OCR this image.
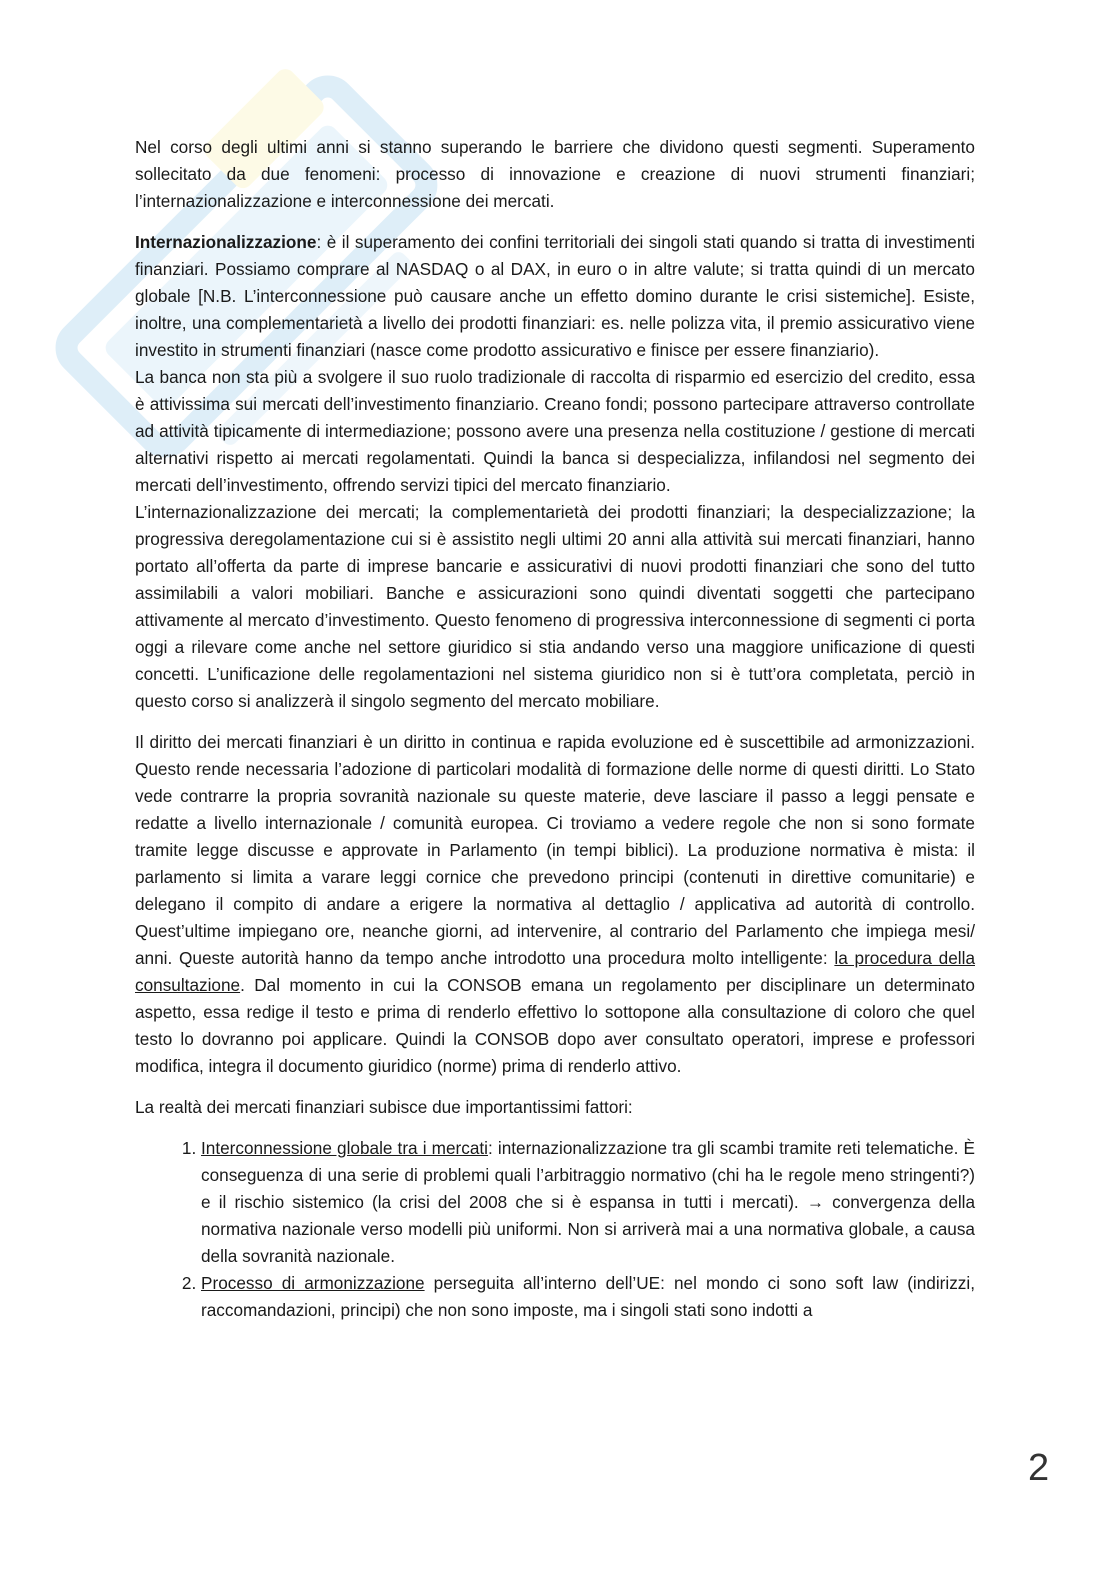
Nel corso degli ultimi anni si stanno superando le barriere che dividono questi segmenti. Superamento sollecitato da due fenomeni: processo di innovazione e creazione di nuovi strumenti finanziari; l’internazionalizzazione e interconnessione dei mercati.

Internazionalizzazione: è il superamento dei confini territoriali dei singoli stati quando si tratta di investimenti finanziari. Possiamo comprare al NASDAQ o al DAX, in euro o in altre valute; si tratta quindi di un mercato globale [N.B. L’interconnessione può causare anche un effetto domino durante le crisi sistemiche]. Esiste, inoltre, una complementarietà a livello dei prodotti finanziari: es. nelle polizza vita, il premio assicurativo viene investito in strumenti finanziari (nasce come prodotto assicurativo e finisce per essere finanziario).

La banca non sta più a svolgere il suo ruolo tradizionale di raccolta di risparmio ed esercizio del credito, essa è attivissima sui mercati dell’investimento finanziario. Creano fondi; possono partecipare attraverso controllate ad attività tipicamente di intermediazione; possono avere una presenza nella costituzione / gestione di mercati alternativi rispetto ai mercati regolamentati. Quindi la banca si despecializza, infilandosi nel segmento dei mercati dell’investimento, offrendo servizi tipici del mercato finanziario.

L’internazionalizzazione dei mercati; la complementarietà dei prodotti finanziari; la despecializzazione; la progressiva deregolamentazione cui si è assistito negli ultimi 20 anni alla attività sui mercati finanziari, hanno portato all’offerta da parte di imprese bancarie e assicurativi di nuovi prodotti finanziari che sono del tutto assimilabili a valori mobiliari. Banche e assicurazioni sono quindi diventati soggetti che partecipano attivamente al mercato d’investimento. Questo fenomeno di progressiva interconnessione di segmenti ci porta oggi a rilevare come anche nel settore giuridico si stia andando verso una maggiore unificazione di questi concetti. L’unificazione delle regolamentazioni nel sistema giuridico non si è tutt’ora completata, perciò in questo corso si analizzerà il singolo segmento del mercato mobiliare.

Il diritto dei mercati finanziari è un diritto in continua e rapida evoluzione ed è suscettibile ad armonizzazioni. Questo rende necessaria l’adozione di particolari modalità di formazione delle norme di questi diritti. Lo Stato vede contrarre la propria sovranità nazionale su queste materie, deve lasciare il passo a leggi pensate e redatte a livello internazionale / comunità europea. Ci troviamo a vedere regole che non si sono formate tramite legge discusse e approvate in Parlamento (in tempi biblici). La produzione normativa è mista: il parlamento si limita a varare leggi cornice che prevedono principi (contenuti in direttive comunitarie) e delegano il compito di andare a erigere la normativa al dettaglio / applicativa ad autorità di controllo. Quest’ultime impiegano ore, neanche giorni, ad intervenire, al contrario del Parlamento che impiega mesi/ anni. Queste autorità hanno da tempo anche introdotto una procedura molto intelligente: la procedura della consultazione. Dal momento in cui la CONSOB emana un regolamento per disciplinare un determinato aspetto, essa redige il testo e prima di renderlo effettivo lo sottopone alla consultazione di coloro che quel testo lo dovranno poi applicare. Quindi la CONSOB dopo aver consultato operatori, imprese e professori modifica, integra il documento giuridico (norme) prima di renderlo attivo.

La realtà dei mercati finanziari subisce due importantissimi fattori:

1. Interconnessione globale tra i mercati: internazionalizzazione tra gli scambi tramite reti telematiche. È conseguenza di una serie di problemi quali l’arbitraggio normativo (chi ha le regole meno stringenti?) e il rischio sistemico (la crisi del 2008 che si è espansa in tutti i mercati). → convergenza della normativa nazionale verso modelli più uniformi. Non si arriverà mai a una normativa globale, a causa della sovranità nazionale.
2. Processo di armonizzazione perseguita all’interno dell’UE: nel mondo ci sono soft law (indirizzi, raccomandazioni, principi) che non sono imposte, ma i singoli stati sono indotti a
2
